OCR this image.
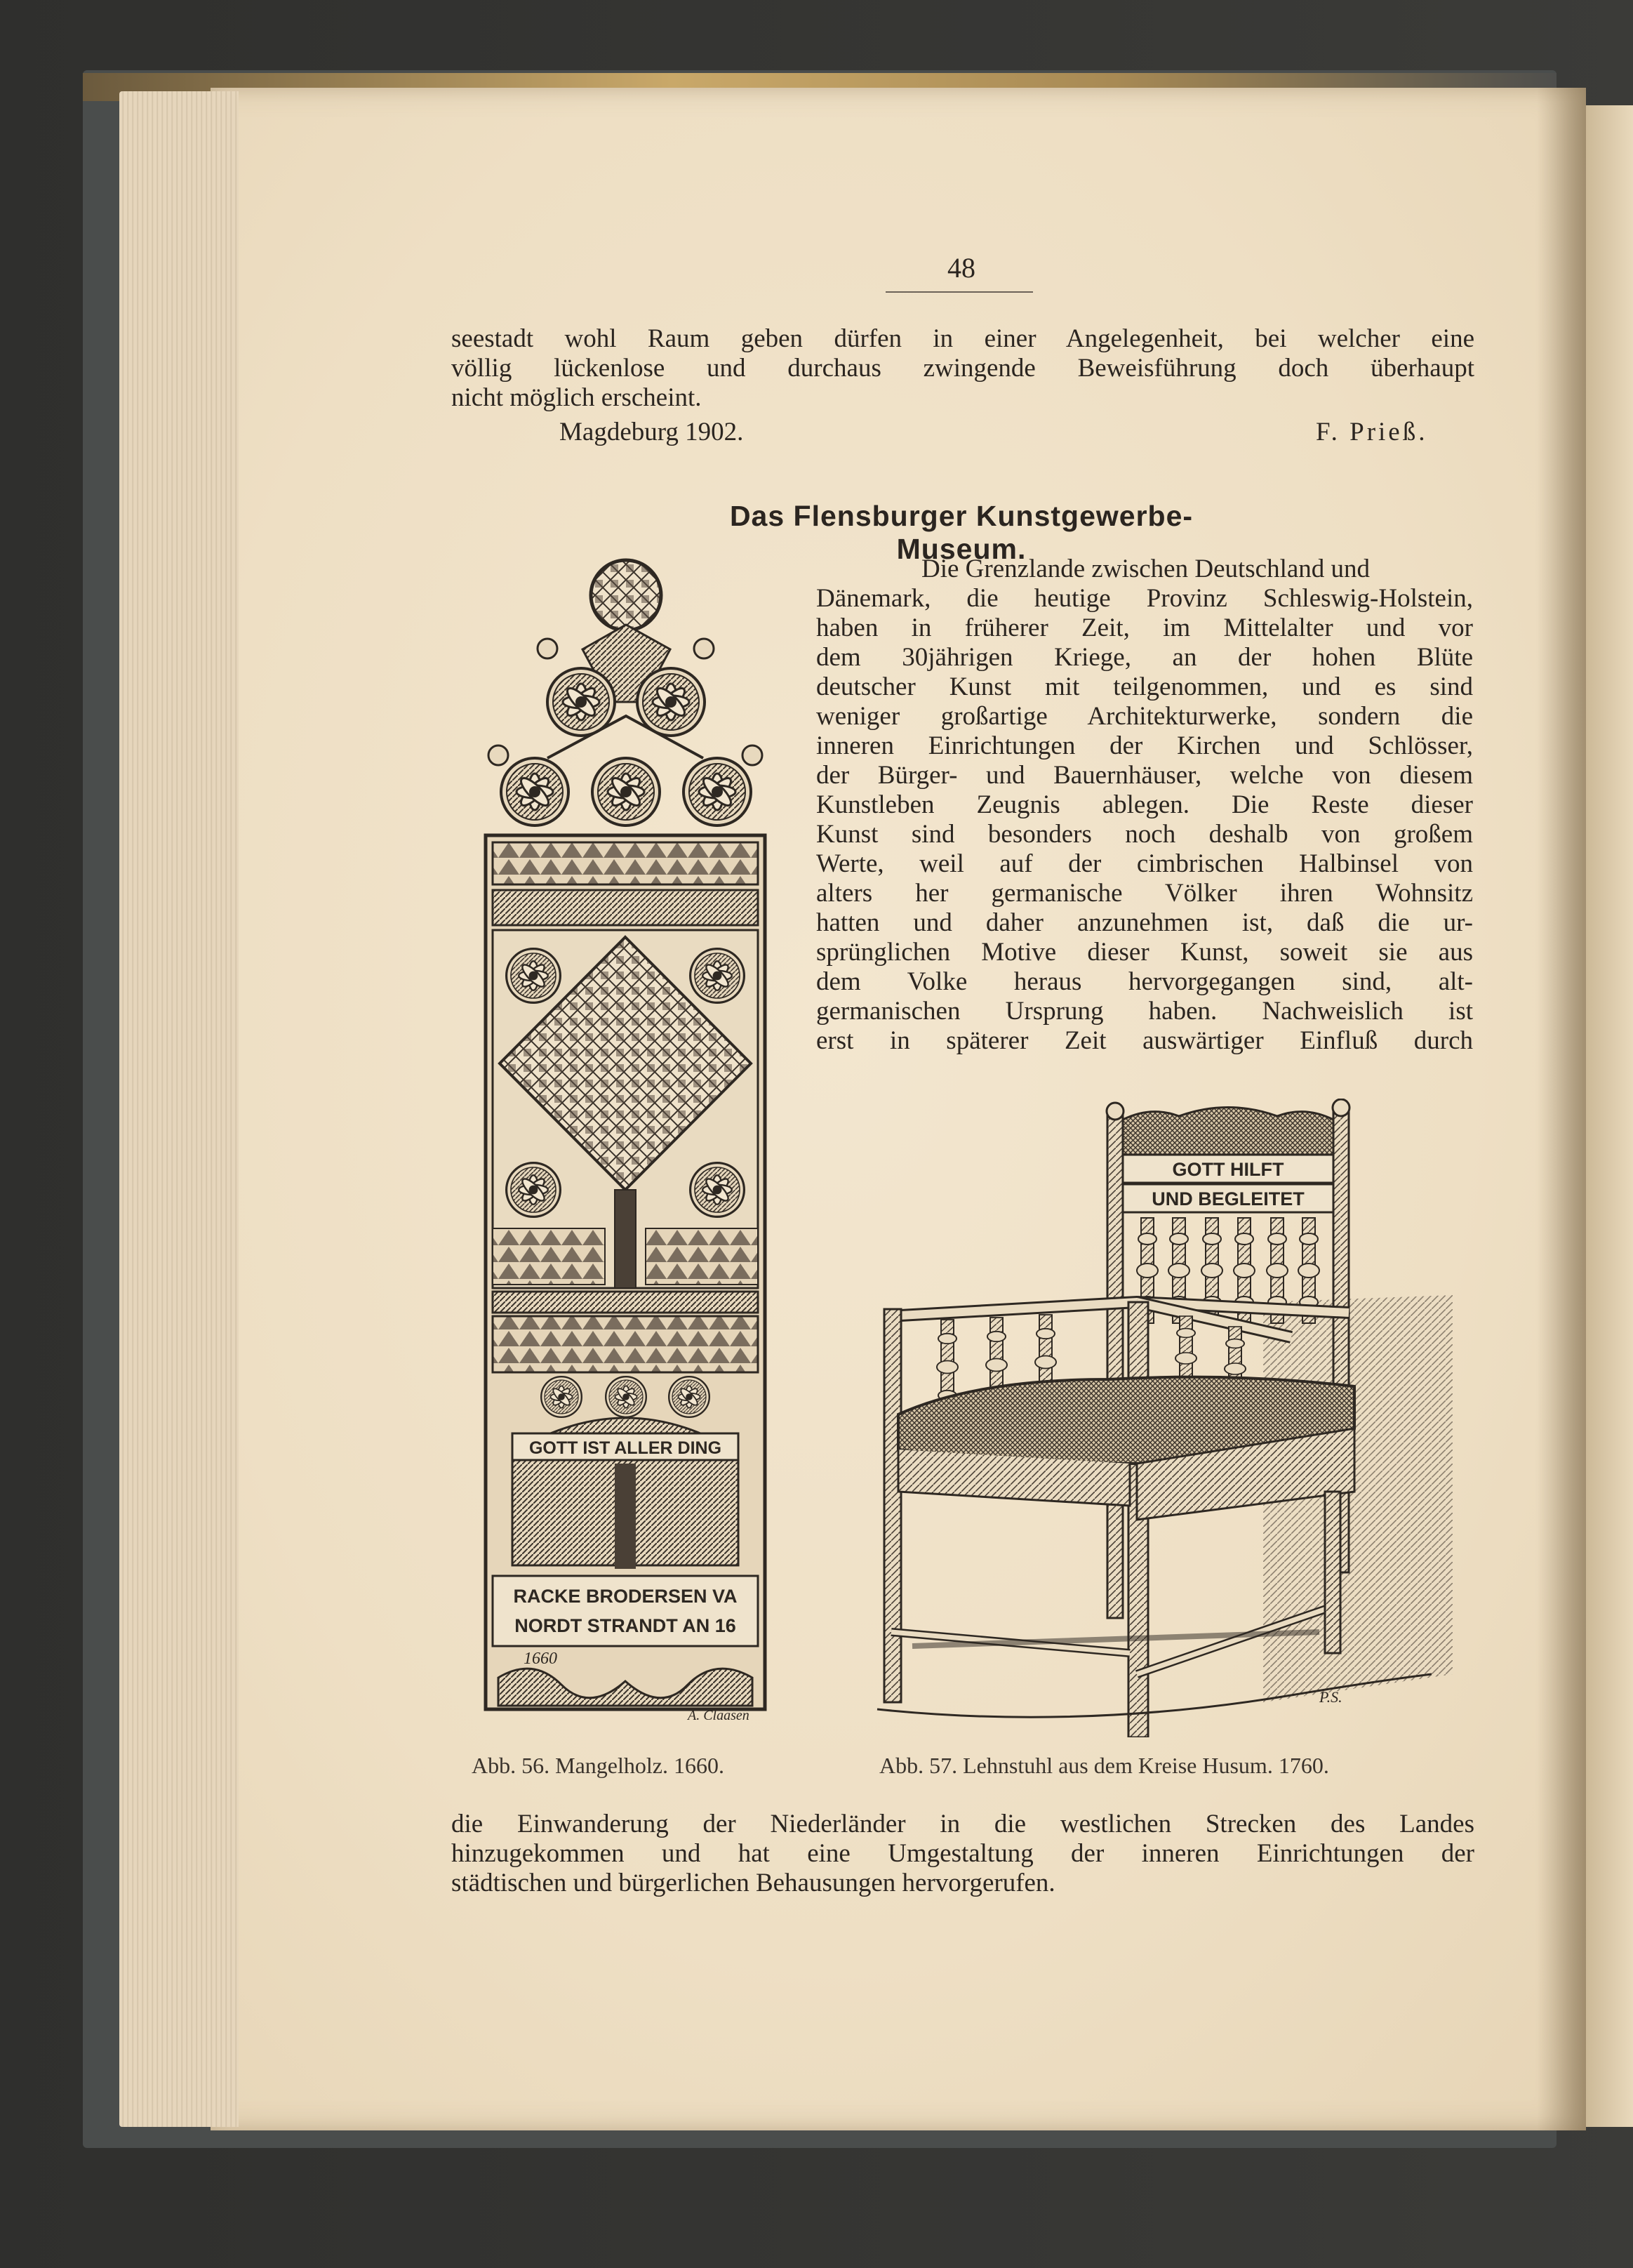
48
seestadt wohl Raum geben dürfen in einer Angelegenheit, bei welcher eine
völlig lückenlose und durchaus zwingende Beweisführung doch überhaupt
nicht möglich erscheint.
Magdeburg 1902.	F. Prieß.
Das Flensburger Kunstgewerbe-Museum.
Die Grenzlande zwischen Deutschland und
Dänemark, die heutige Provinz Schleswig-Holstein,
haben in früherer Zeit, im Mittelalter und vor
dem 30jährigen Kriege, an der hohen Blüte
deutscher Kunst mit teilgenommen, und es sind
weniger großartige Architekturwerke, sondern die
inneren Einrichtungen der Kirchen und Schlösser,
der Bürger- und Bauernhäuser, welche von diesem
Kunstleben Zeugnis ablegen. Die Reste dieser
Kunst sind besonders noch deshalb von großem
Werte, weil auf der cimbrischen Halbinsel von
alters her germanische Völker ihren Wohnsitz
hatten und daher anzunehmen ist, daß die ur-
sprünglichen Motive dieser Kunst, soweit sie aus
dem Volke heraus hervorgegangen sind, alt-
germanischen Ursprung haben. Nachweislich ist
erst in späterer Zeit auswärtiger Einfluß durch
GOTT IST ALLER DING
RACKE BRODERSEN VA
NORDT STRANDT AN 16
1660
A. Claasen
GOTT HILFT
UND BEGLEITET
P.S.
Abb. 56. Mangelholz. 1660.	Abb. 57. Lehnstuhl aus dem Kreise Husum. 1760.
die Einwanderung der Niederländer in die westlichen Strecken des Landes
hinzugekommen und hat eine Umgestaltung der inneren Einrichtungen der
städtischen und bürgerlichen Behausungen hervorgerufen.
